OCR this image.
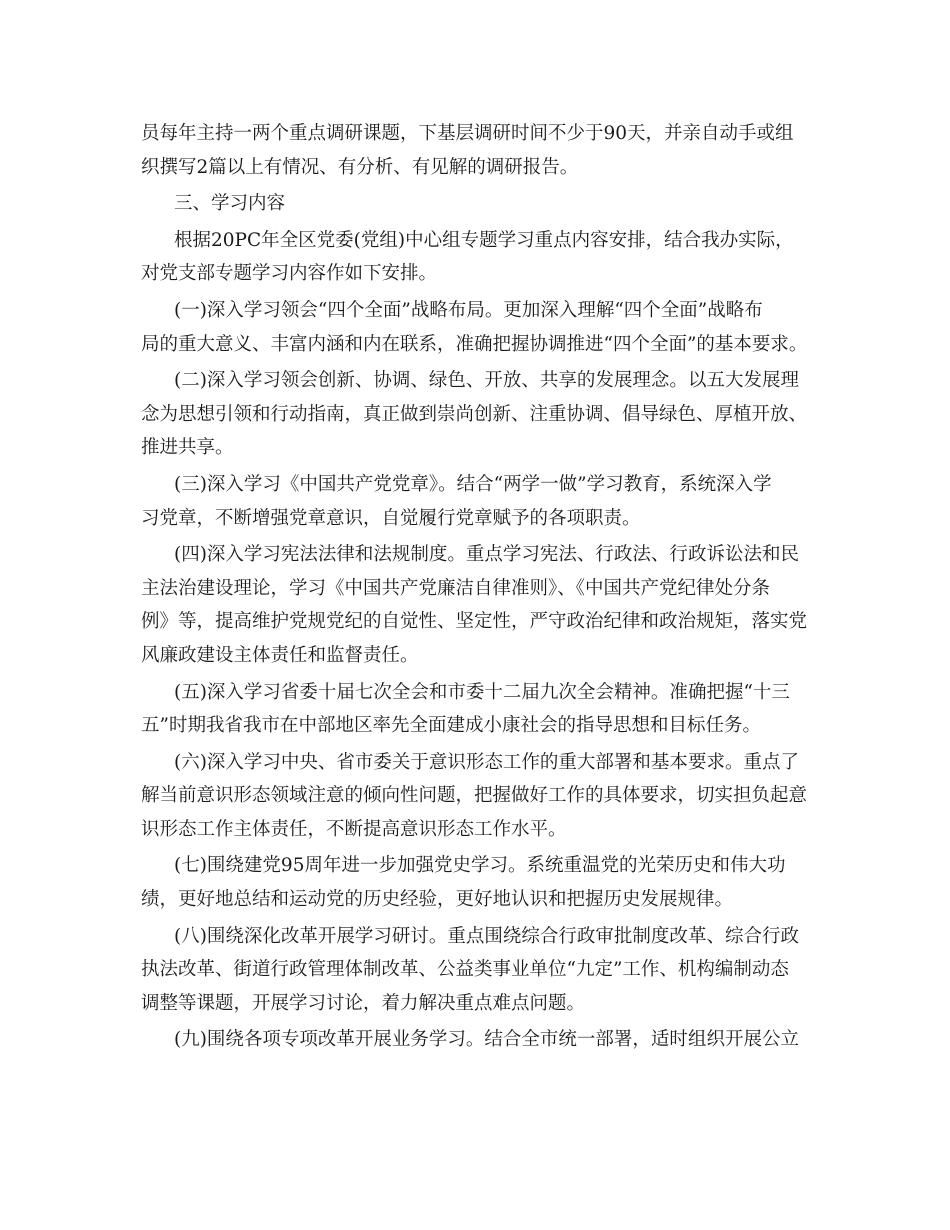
员每年主持一两个重点调研课题，下基层调研时间不少于90天，并亲自动手或组
织撰写2篇以上有情况、有分析、有见解的调研报告。
三、学习内容
根据20PC年全区党委(党组)中心组专题学习重点内容安排，结合我办实际，
对党支部专题学习内容作如下安排。
(一)深入学习领会“四个全面”战略布局。更加深入理解“四个全面”战略布
局的重大意义、丰富内涵和内在联系，准确把握协调推进“四个全面”的基本要求。
(二)深入学习领会创新、协调、绿色、开放、共享的发展理念。以五大发展理
念为思想引领和行动指南，真正做到崇尚创新、注重协调、倡导绿色、厚植开放、
推进共享。
(三)深入学习《中国共产党党章》。结合“两学一做”学习教育，系统深入学
习党章，不断增强党章意识，自觉履行党章赋予的各项职责。
(四)深入学习宪法法律和法规制度。重点学习宪法、行政法、行政诉讼法和民
主法治建设理论，学习《中国共产党廉洁自律准则》、《中国共产党纪律处分条
例》等，提高维护党规党纪的自觉性、坚定性，严守政治纪律和政治规矩，落实党
风廉政建设主体责任和监督责任。
(五)深入学习省委十届七次全会和市委十二届九次全会精神。准确把握“十三
五”时期我省我市在中部地区率先全面建成小康社会的指导思想和目标任务。
(六)深入学习中央、省市委关于意识形态工作的重大部署和基本要求。重点了
解当前意识形态领域注意的倾向性问题，把握做好工作的具体要求，切实担负起意
识形态工作主体责任，不断提高意识形态工作水平。
(七)围绕建党95周年进一步加强党史学习。系统重温党的光荣历史和伟大功
绩，更好地总结和运动党的历史经验，更好地认识和把握历史发展规律。
(八)围绕深化改革开展学习研讨。重点围绕综合行政审批制度改革、综合行政
执法改革、街道行政管理体制改革、公益类事业单位“九定”工作、机构编制动态
调整等课题，开展学习讨论，着力解决重点难点问题。
(九)围绕各项专项改革开展业务学习。结合全市统一部署，适时组织开展公立
